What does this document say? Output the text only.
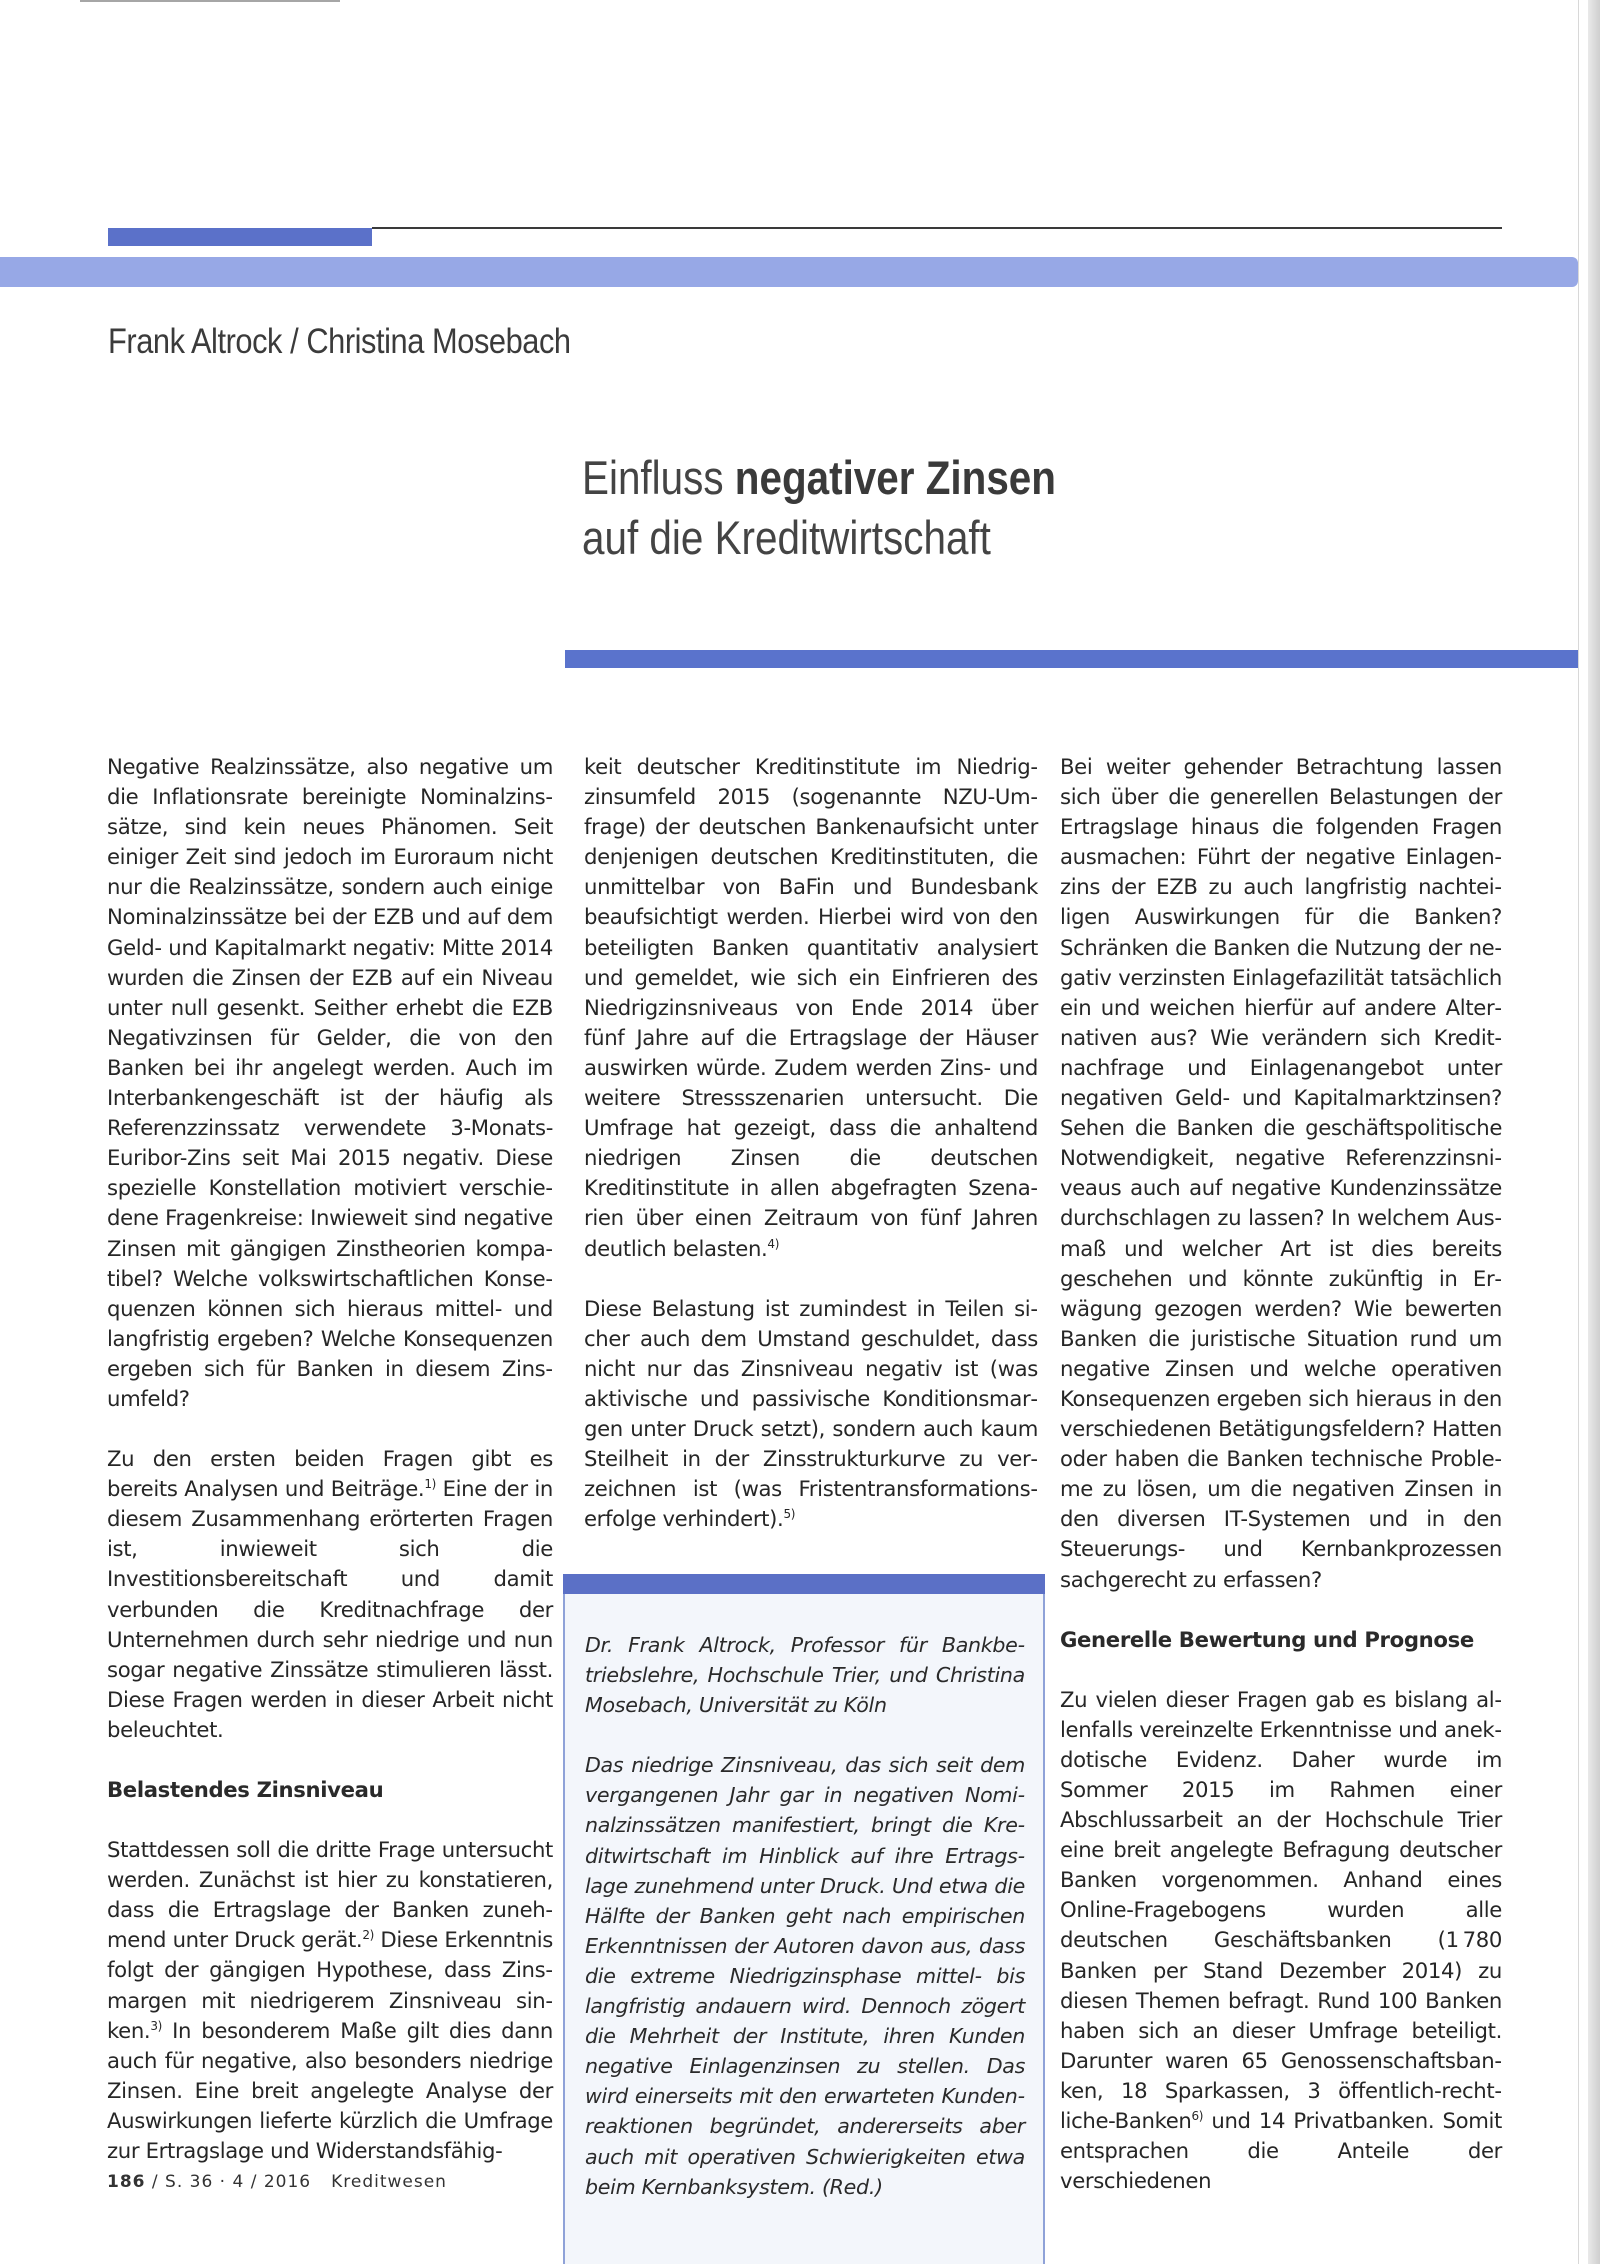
Frank Altrock / Christina Mosebach
Einfluss negativer Zinsen
auf die Kreditwirtschaft

Negative Realzinssätze, also negative um die Inflationsrate bereinigte Nominalzinssätze, sind kein neues Phänomen. Seit einiger Zeit sind jedoch im Euroraum nicht nur die Realzinssätze, sondern auch einige Nominalzinssätze bei der EZB und auf dem Geld- und Kapitalmarkt negativ: Mitte 2014 wurden die Zinsen der EZB auf ein Niveau unter null gesenkt. Seither erhebt die EZB Negativzinsen für Gelder, die von den Banken bei ihr angelegt werden. Auch im Interbankengeschäft ist der häufig als Referenzzinssatz verwendete 3-Monats-Euribor-Zins seit Mai 2015 negativ. Diese spezielle Konstellation motiviert verschiedene Fragenkreise: Inwieweit sind negative Zinsen mit gängigen Zinstheorien kompatibel? Welche volkswirtschaftlichen Konsequenzen können sich hieraus mittel- und langfristig ergeben? Welche Konsequenzen ergeben sich für Banken in diesem Zinsumfeld?

Zu den ersten beiden Fragen gibt es bereits Analysen und Beiträge.$^{1)}$ Eine der in diesem Zusammenhang erörterten Fragen ist, inwieweit sich die Investitionsbereitschaft und damit verbunden die Kreditnachfrage der Unternehmen durch sehr niedrige und nun sogar negative Zinssätze stimulieren lässt. Diese Fragen werden in dieser Arbeit nicht beleuchtet.

Belastendes Zinsniveau

Stattdessen soll die dritte Frage untersucht werden. Zunächst ist hier zu konstatieren, dass die Ertragslage der Banken zunehmend unter Druck gerät.$^{2)}$ Diese Erkenntnis folgt der gängigen Hypothese, dass Zinsmargen mit niedrigerem Zinsniveau sinken.$^{3)}$ In besonderem Maße gilt dies dann auch für negative, also besonders niedrige Zinsen. Eine breit angelegte Analyse der Auswirkungen lieferte kürzlich die Umfrage zur Ertragslage und Widerstandsfähig-

keit deutscher Kreditinstitute im Niedrigzinsumfeld 2015 (sogenannte NZU-Umfrage) der deutschen Bankenaufsicht unter denjenigen deutschen Kreditinstituten, die unmittelbar von BaFin und Bundesbank beaufsichtigt werden. Hierbei wird von den beteiligten Banken quantitativ analysiert und gemeldet, wie sich ein Einfrieren des Niedrigzinsniveaus von Ende 2014 über fünf Jahre auf die Ertragslage der Häuser auswirken würde. Zudem werden Zins- und weitere Stressszenarien untersucht. Die Umfrage hat gezeigt, dass die anhaltend niedrigen Zinsen die deutschen Kreditinstitute in allen abgefragten Szenarien über einen Zeitraum von fünf Jahren deutlich belasten.$^{4)}$

Diese Belastung ist zumindest in Teilen sicher auch dem Umstand geschuldet, dass nicht nur das Zinsniveau negativ ist (was aktivische und passivische Konditionsmargen unter Druck setzt), sondern auch kaum Steilheit in der Zinsstrukturkurve zu verzeichnen ist (was Fristentransformationserfolge verhindert).$^{5)}$

Dr. Frank Altrock, Professor für Bankbetriebslehre, Hochschule Trier, und Christina Mosebach, Universität zu Köln

Das niedrige Zinsniveau, das sich seit dem vergangenen Jahr gar in negativen Nominalzinssätzen manifestiert, bringt die Kreditwirtschaft im Hinblick auf ihre Ertragslage zunehmend unter Druck. Und etwa die Hälfte der Banken geht nach empirischen Erkenntnissen der Autoren davon aus, dass die extreme Niedrigzinsphase mittel- bis langfristig andauern wird. Dennoch zögert die Mehrheit der Institute, ihren Kunden negative Einlagenzinsen zu stellen. Das wird einerseits mit den erwarteten Kundenreaktionen begründet, andererseits aber auch mit operativen Schwierigkeiten etwa beim Kernbanksystem. (Red.)

Bei weiter gehender Betrachtung lassen sich über die generellen Belastungen der Ertragslage hinaus die folgenden Fragen ausmachen: Führt der negative Einlagenzins der EZB zu auch langfristig nachteiligen Auswirkungen für die Banken? Schränken die Banken die Nutzung der negativ verzinsten Einlagefazilität tatsächlich ein und weichen hierfür auf andere Alternativen aus? Wie verändern sich Kreditnachfrage und Einlagenangebot unter negativen Geld- und Kapitalmarktzinsen? Sehen die Banken die geschäftspolitische Notwendigkeit, negative Referenzzinsniveaus auch auf negative Kundenzinssätze durchschlagen zu lassen? In welchem Ausmaß und welcher Art ist dies bereits geschehen und könnte zukünftig in Erwägung gezogen werden? Wie bewerten Banken die juristische Situation rund um negative Zinsen und welche operativen Konsequenzen ergeben sich hieraus in den verschiedenen Betätigungsfeldern? Hatten oder haben die Banken technische Probleme zu lösen, um die negativen Zinsen in den diversen IT-Systemen und in den Steuerungs- und Kernbankprozessen sachgerecht zu erfassen?

Generelle Bewertung und Prognose

Zu vielen dieser Fragen gab es bislang allenfalls vereinzelte Erkenntnisse und anekdotische Evidenz. Daher wurde im Sommer 2015 im Rahmen einer Abschlussarbeit an der Hochschule Trier eine breit angelegte Befragung deutscher Banken vorgenommen. Anhand eines Online-Fragebogens wurden alle deutschen Geschäftsbanken (1 780 Banken per Stand Dezember 2014) zu diesen Themen befragt. Rund 100 Banken haben sich an dieser Umfrage beteiligt. Darunter waren 65 Genossenschaftsbanken, 18 Sparkassen, 3 öffentlich-rechtliche-Banken$^{6)}$ und 14 Privatbanken. Somit entsprachen die Anteile der verschiedenen

186 / S. 36 · 4 / 2016 Kreditwesen
